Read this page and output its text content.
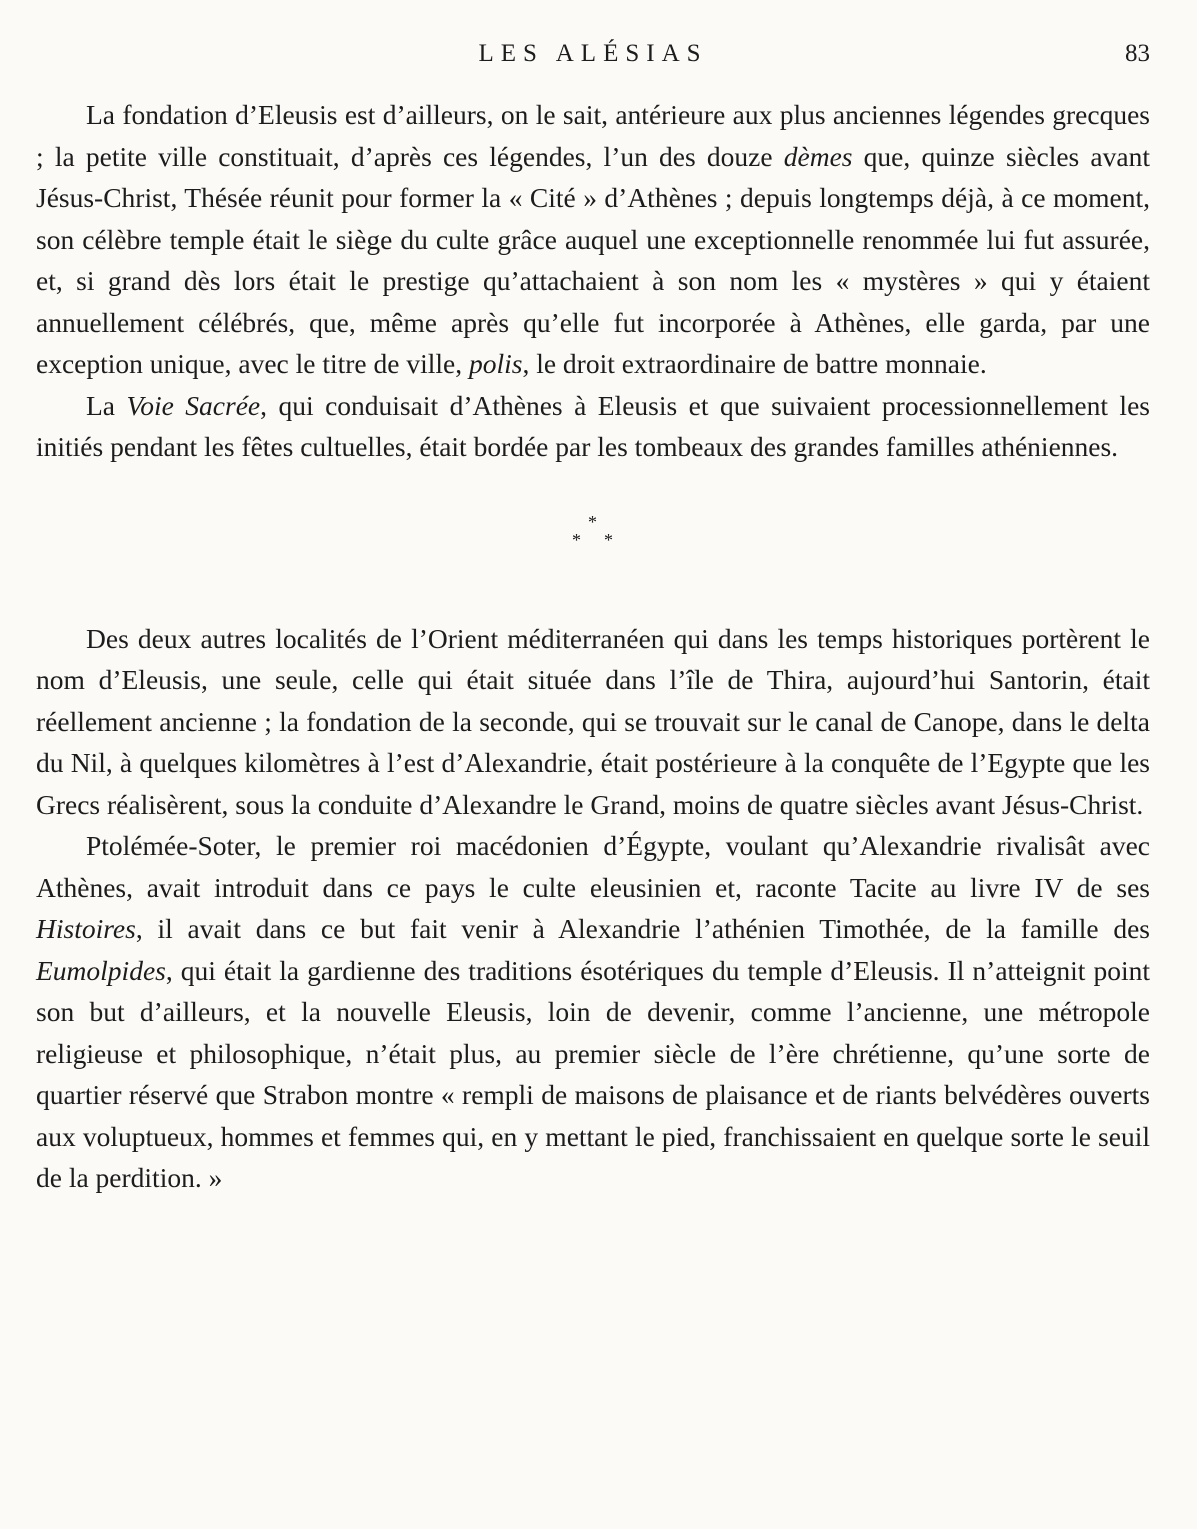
LES ALÉSIAS	83

La fondation d’Eleusis est d’ailleurs, on le sait, antérieure aux plus anciennes légendes grecques ; la petite ville constituait, d’après ces légendes, l’un des douze dèmes que, quinze siècles avant Jésus-Christ, Thésée réunit pour former la « Cité » d’Athènes ; depuis longtemps déjà, à ce moment, son célèbre temple était le siège du culte grâce auquel une exceptionnelle renommée lui fut assurée, et, si grand dès lors était le prestige qu’attachaient à son nom les « mystères » qui y étaient annuellement célébrés, que, même après qu’elle fut incorporée à Athènes, elle garda, par une exception unique, avec le titre de ville, polis, le droit extraordinaire de battre monnaie.

La Voie Sacrée, qui conduisait d’Athènes à Eleusis et que suivaient processionnellement les initiés pendant les fêtes cultuelles, était bordée par les tombeaux des grandes familles athéniennes.

*
* *

Des deux autres localités de l’Orient méditerranéen qui dans les temps historiques portèrent le nom d’Eleusis, une seule, celle qui était située dans l’île de Thira, aujourd’hui Santorin, était réellement ancienne ; la fondation de la seconde, qui se trouvait sur le canal de Canope, dans le delta du Nil, à quelques kilomètres à l’est d’Alexandrie, était postérieure à la conquête de l’Egypte que les Grecs réalisèrent, sous la conduite d’Alexandre le Grand, moins de quatre siècles avant Jésus-Christ.

Ptolémée-Soter, le premier roi macédonien d’Égypte, voulant qu’Alexandrie rivalisât avec Athènes, avait introduit dans ce pays le culte eleusinien et, raconte Tacite au livre IV de ses Histoires, il avait dans ce but fait venir à Alexandrie l’athénien Timothée, de la famille des Eumolpides, qui était la gardienne des traditions ésotériques du temple d’Eleusis. Il n’atteignit point son but d’ailleurs, et la nouvelle Eleusis, loin de devenir, comme l’ancienne, une métropole religieuse et philosophique, n’était plus, au premier siècle de l’ère chrétienne, qu’une sorte de quartier réservé que Strabon montre « rempli de maisons de plaisance et de riants belvédères ouverts aux voluptueux, hommes et femmes qui, en y mettant le pied, franchissaient en quelque sorte le seuil de la perdition. »
